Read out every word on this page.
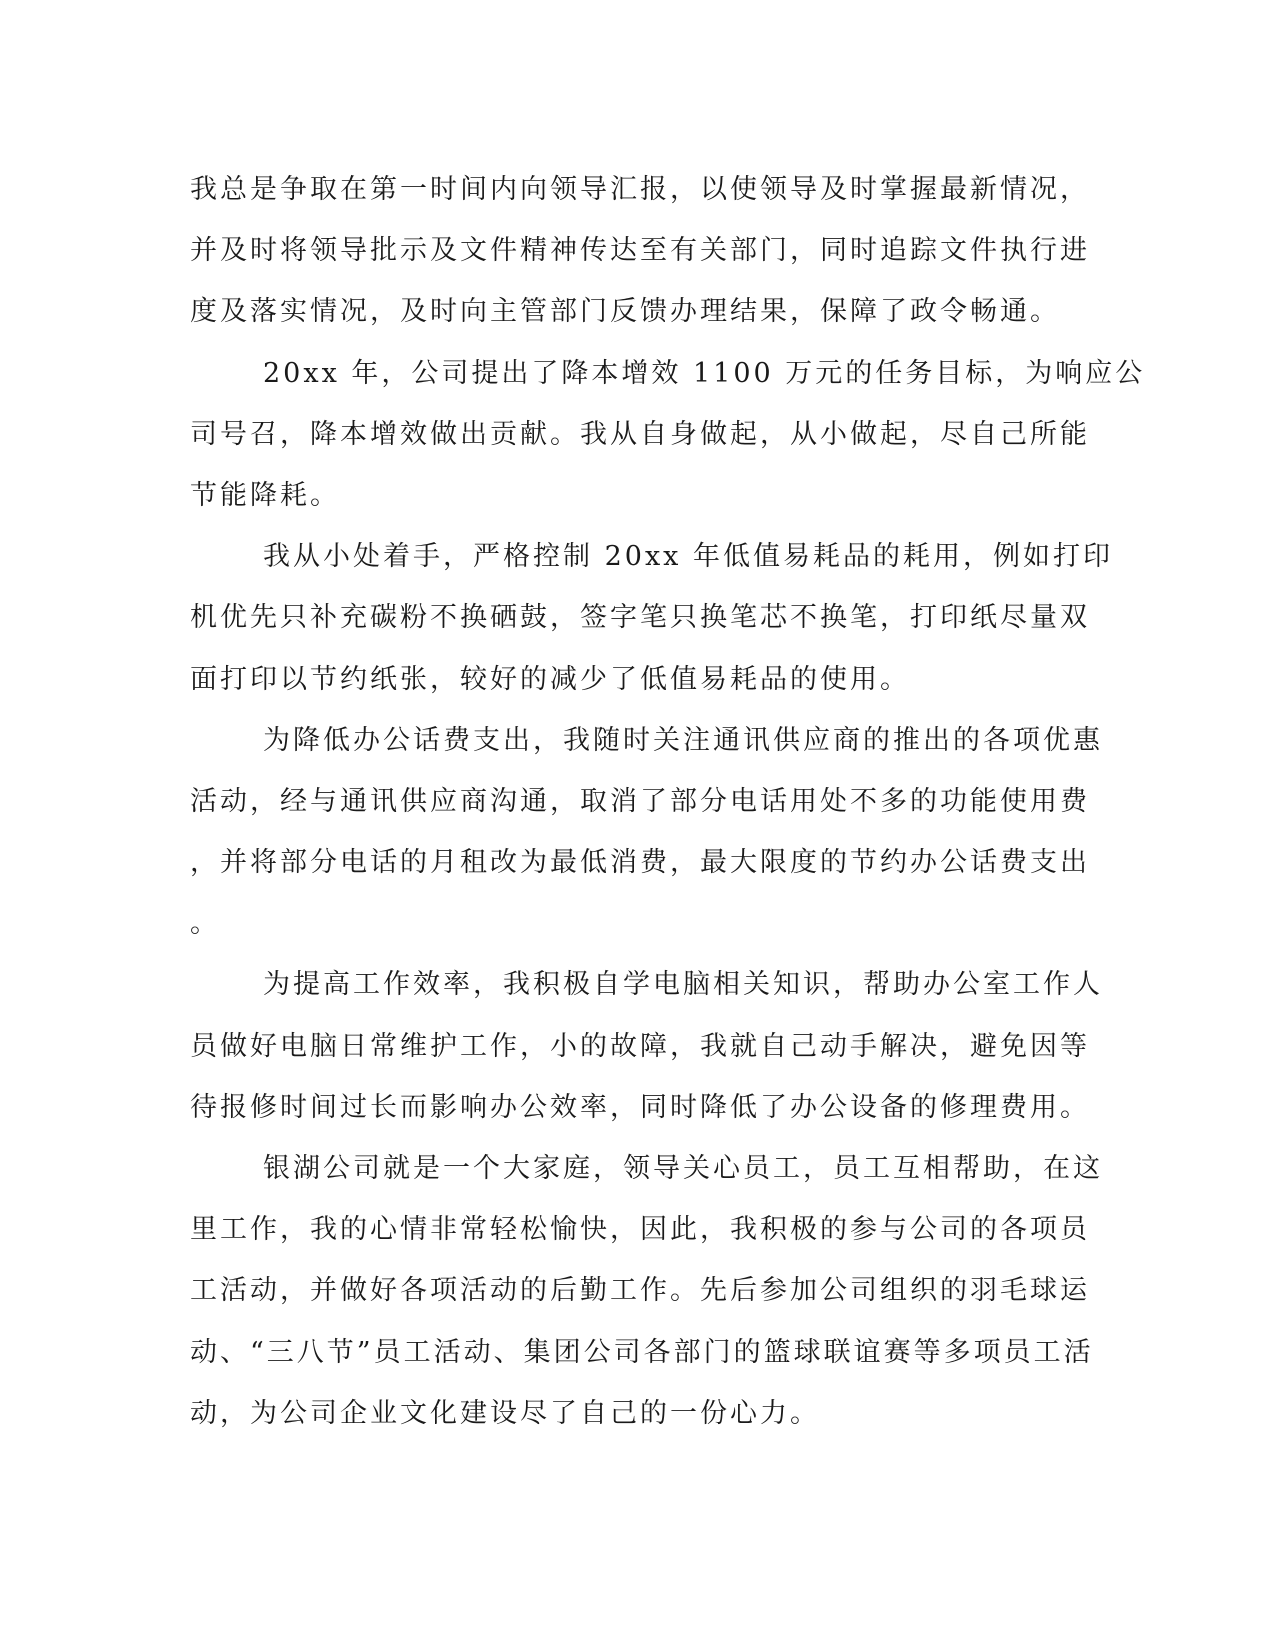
我总是争取在第一时间内向领导汇报，以使领导及时掌握最新情况，
并及时将领导批示及文件精神传达至有关部门，同时追踪文件执行进
度及落实情况，及时向主管部门反馈办理结果，保障了政令畅通。
20xx 年，公司提出了降本增效 1100 万元的任务目标，为响应公
司号召，降本增效做出贡献。我从自身做起，从小做起，尽自己所能
节能降耗。
我从小处着手，严格控制 20xx 年低值易耗品的耗用，例如打印
机优先只补充碳粉不换硒鼓，签字笔只换笔芯不换笔，打印纸尽量双
面打印以节约纸张，较好的减少了低值易耗品的使用。
为降低办公话费支出，我随时关注通讯供应商的推出的各项优惠
活动，经与通讯供应商沟通，取消了部分电话用处不多的功能使用费
，并将部分电话的月租改为最低消费，最大限度的节约办公话费支出
。
为提高工作效率，我积极自学电脑相关知识，帮助办公室工作人
员做好电脑日常维护工作，小的故障，我就自己动手解决，避免因等
待报修时间过长而影响办公效率，同时降低了办公设备的修理费用。
银湖公司就是一个大家庭，领导关心员工，员工互相帮助，在这
里工作，我的心情非常轻松愉快，因此，我积极的参与公司的各项员
工活动，并做好各项活动的后勤工作。先后参加公司组织的羽毛球运
动、“三八节”员工活动、集团公司各部门的篮球联谊赛等多项员工活
动，为公司企业文化建设尽了自己的一份心力。
